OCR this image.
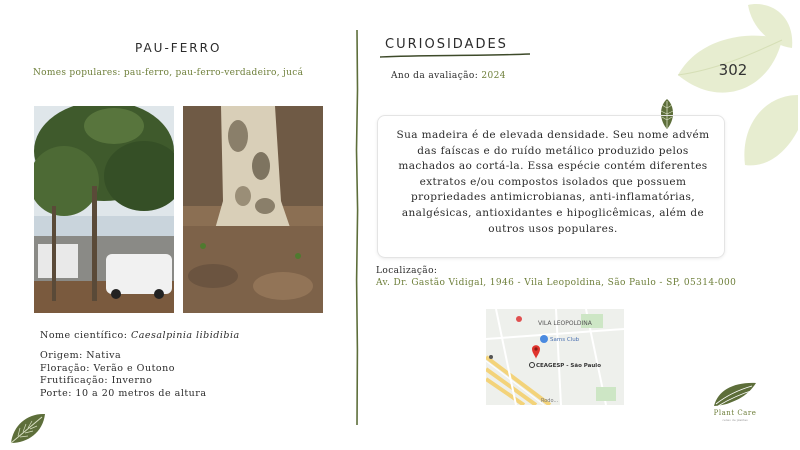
302
PAU-FERRO
Nomes populares: pau-ferro, pau-ferro-verdadeiro, jucá
Nome científico: Caesalpinia libidibia
Origem: Nativa
Floração: Verão e Outono
Frutificação: Inverno
Porte: 10 a 20 metros de altura
CURIOSIDADES
Ano da avaliação: 2024
Sua madeira é de elevada densidade. Seu nome advém das faíscas e do ruído metálico produzido pelos machados ao cortá-la. Essa espécie contém diferentes extratos e/ou compostos isolados que possuem propriedades antimicrobianas, anti-inflamatórias, analgésicas, antioxidantes e hipoglicêmicas, além de outros usos populares.
Localização:
Av. Dr. Gastão Vidigal, 1946 - Vila Leopoldina, São Paulo - SP, 05314-000
VILA LEOPOLDINA
Sams Club
CEAGESP - São Paulo
Rodo...
Plant Care
censo de plantas
